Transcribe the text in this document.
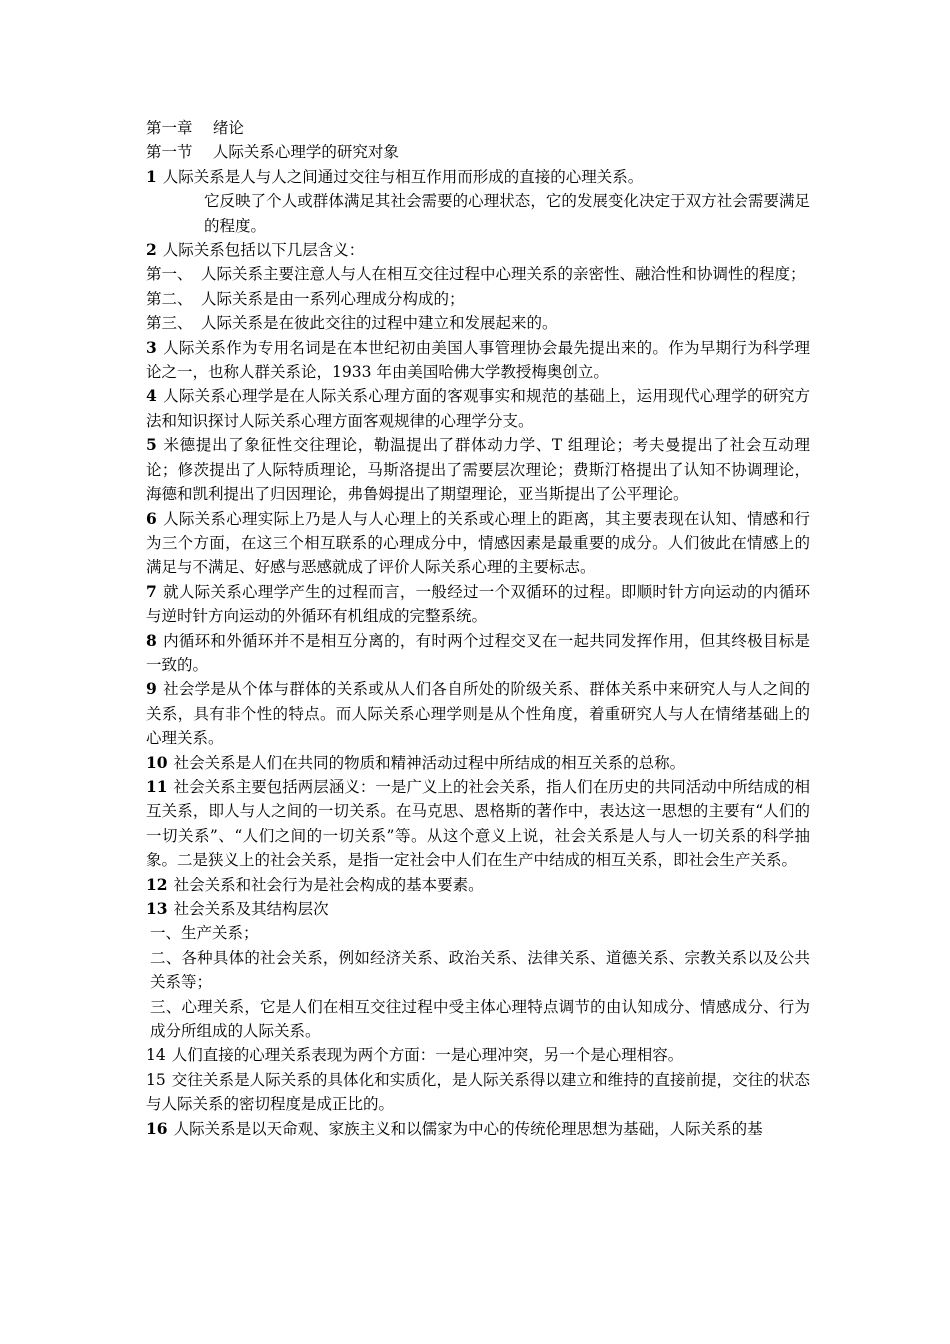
第一章　 绪论

第一节　 人际关系心理学的研究对象

1 人际关系是人与人之间通过交往与相互作用而形成的直接的心理关系。

它反映了个人或群体满足其社会需要的心理状态，它的发展变化决定于双方社会需要满足的程度。

2 人际关系包括以下几层含义：

第一、 人际关系主要注意人与人在相互交往过程中心理关系的亲密性、融洽性和协调性的程度；

第二、 人际关系是由一系列心理成分构成的；

第三、 人际关系是在彼此交往的过程中建立和发展起来的。

3 人际关系作为专用名词是在本世纪初由美国人事管理协会最先提出来的。作为早期行为科学理论之一，也称人群关系论，1933 年由美国哈佛大学教授梅奥创立。

4 人际关系心理学是在人际关系心理方面的客观事实和规范的基础上，运用现代心理学的研究方法和知识探讨人际关系心理方面客观规律的心理学分支。

5 米德提出了象征性交往理论，勒温提出了群体动力学、T 组理论；考夫曼提出了社会互动理论；修茨提出了人际特质理论，马斯洛提出了需要层次理论；费斯汀格提出了认知不协调理论，海德和凯利提出了归因理论，弗鲁姆提出了期望理论，亚当斯提出了公平理论。

6 人际关系心理实际上乃是人与人心理上的关系或心理上的距离，其主要表现在认知、情感和行为三个方面，在这三个相互联系的心理成分中，情感因素是最重要的成分。人们彼此在情感上的满足与不满足、好感与恶感就成了评价人际关系心理的主要标志。

7 就人际关系心理学产生的过程而言，一般经过一个双循环的过程。即顺时针方向运动的内循环与逆时针方向运动的外循环有机组成的完整系统。

8 内循环和外循环并不是相互分离的，有时两个过程交叉在一起共同发挥作用，但其终极目标是一致的。

9 社会学是从个体与群体的关系或从人们各自所处的阶级关系、群体关系中来研究人与人之间的关系，具有非个性的特点。而人际关系心理学则是从个性角度，着重研究人与人在情绪基础上的心理关系。

10 社会关系是人们在共同的物质和精神活动过程中所结成的相互关系的总称。

11 社会关系主要包括两层涵义：一是广义上的社会关系，指人们在历史的共同活动中所结成的相互关系，即人与人之间的一切关系。在马克思、恩格斯的著作中，表达这一思想的主要有“人们的一切关系”、“人们之间的一切关系”等。从这个意义上说，社会关系是人与人一切关系的科学抽象。二是狭义上的社会关系，是指一定社会中人们在生产中结成的相互关系，即社会生产关系。

12 社会关系和社会行为是社会构成的基本要素。

13 社会关系及其结构层次

一、生产关系；

二、各种具体的社会关系，例如经济关系、政治关系、法律关系、道德关系、宗教关系以及公共关系等；

三、心理关系，它是人们在相互交往过程中受主体心理特点调节的由认知成分、情感成分、行为成分所组成的人际关系。

14 人们直接的心理关系表现为两个方面：一是心理冲突，另一个是心理相容。

15 交往关系是人际关系的具体化和实质化，是人际关系得以建立和维持的直接前提，交往的状态与人际关系的密切程度是成正比的。

16 人际关系是以天命观、家族主义和以儒家为中心的传统伦理思想为基础，人际关系的基
